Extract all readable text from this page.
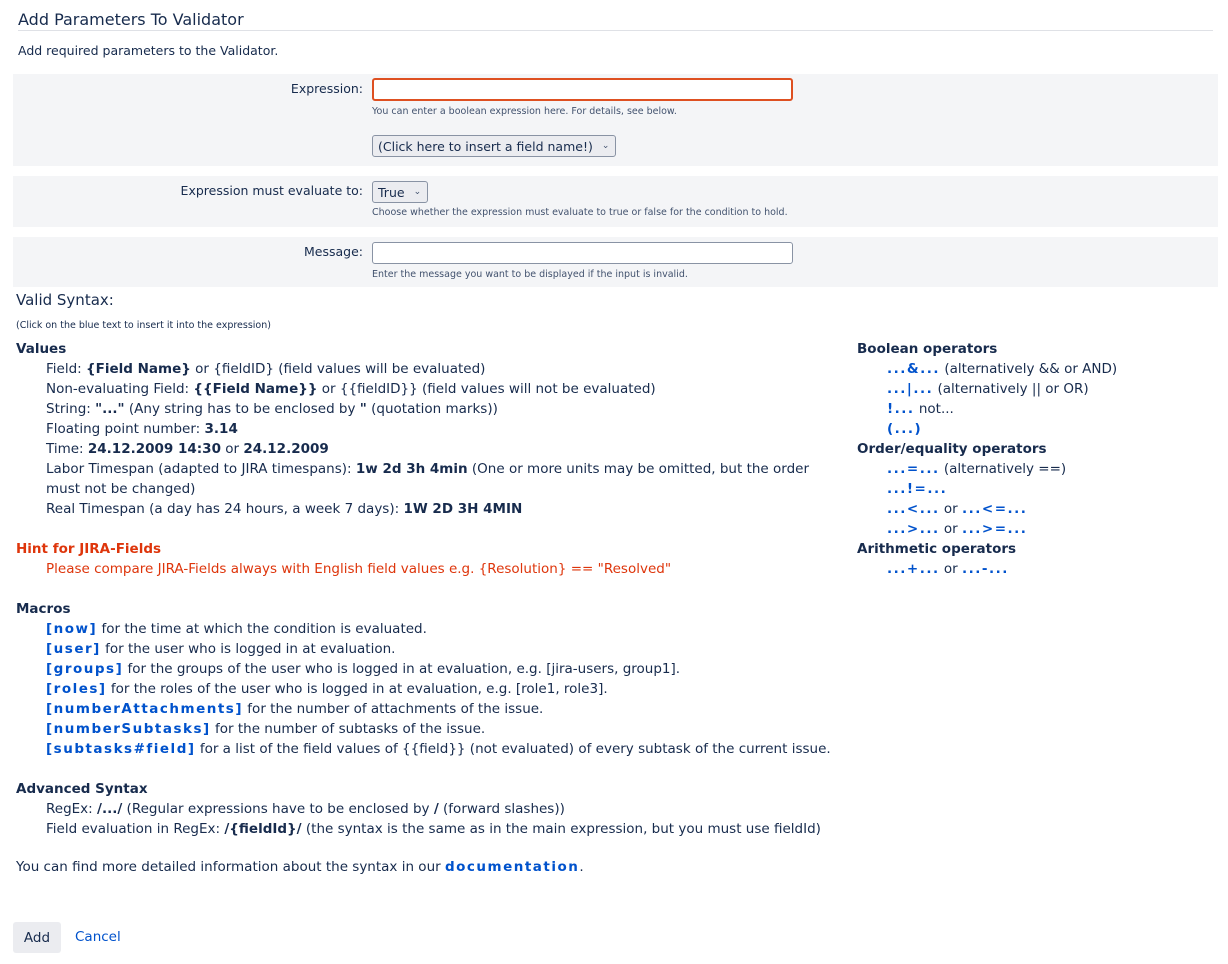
Add Parameters To Validator
Add required parameters to the Validator.
Expression:
You can enter a boolean expression here. For details, see below.
(Click here to insert a field name!) ⌄
Expression must evaluate to: True ⌄
Choose whether the expression must evaluate to true or false for the condition to hold.
Message:
Enter the message you want to be displayed if the input is invalid.
Valid Syntax:
(Click on the blue text to insert it into the expression)
Values
Field: {Field Name} or {fieldID} (field values will be evaluated)
Non-evaluating Field: {{Field Name}} or {{fieldID}} (field values will not be evaluated)
String: "..." (Any string has to be enclosed by " (quotation marks))
Floating point number: 3.14
Time: 24.12.2009 14:30 or 24.12.2009
Labor Timespan (adapted to JIRA timespans): 1w 2d 3h 4min (One or more units may be omitted, but the order must not be changed)
Real Timespan (a day has 24 hours, a week 7 days): 1W 2D 3H 4MIN
Hint for JIRA-Fields
Please compare JIRA-Fields always with English field values e.g. {Resolution} == "Resolved"
Macros
[now] for the time at which the condition is evaluated.
[user] for the user who is logged in at evaluation.
[groups] for the groups of the user who is logged in at evaluation, e.g. [jira-users, group1].
[roles] for the roles of the user who is logged in at evaluation, e.g. [role1, role3].
[numberAttachments] for the number of attachments of the issue.
[numberSubtasks] for the number of subtasks of the issue.
[subtasks#field] for a list of the field values of {{field}} (not evaluated) of every subtask of the current issue.
Advanced Syntax
RegEx: /.../ (Regular expressions have to be enclosed by / (forward slashes))
Field evaluation in RegEx: /{fieldId}/ (the syntax is the same as in the main expression, but you must use fieldId)
Boolean operators
...&... (alternatively && or AND)
...|... (alternatively || or OR)
!... not...
(...)
Order/equality operators
...=... (alternatively ==)
...!=...
...<... or ...<=...
...>... or ...>=...
Arithmetic operators
...+... or ...-...
You can find more detailed information about the syntax in our documentation.
Add	Cancel
